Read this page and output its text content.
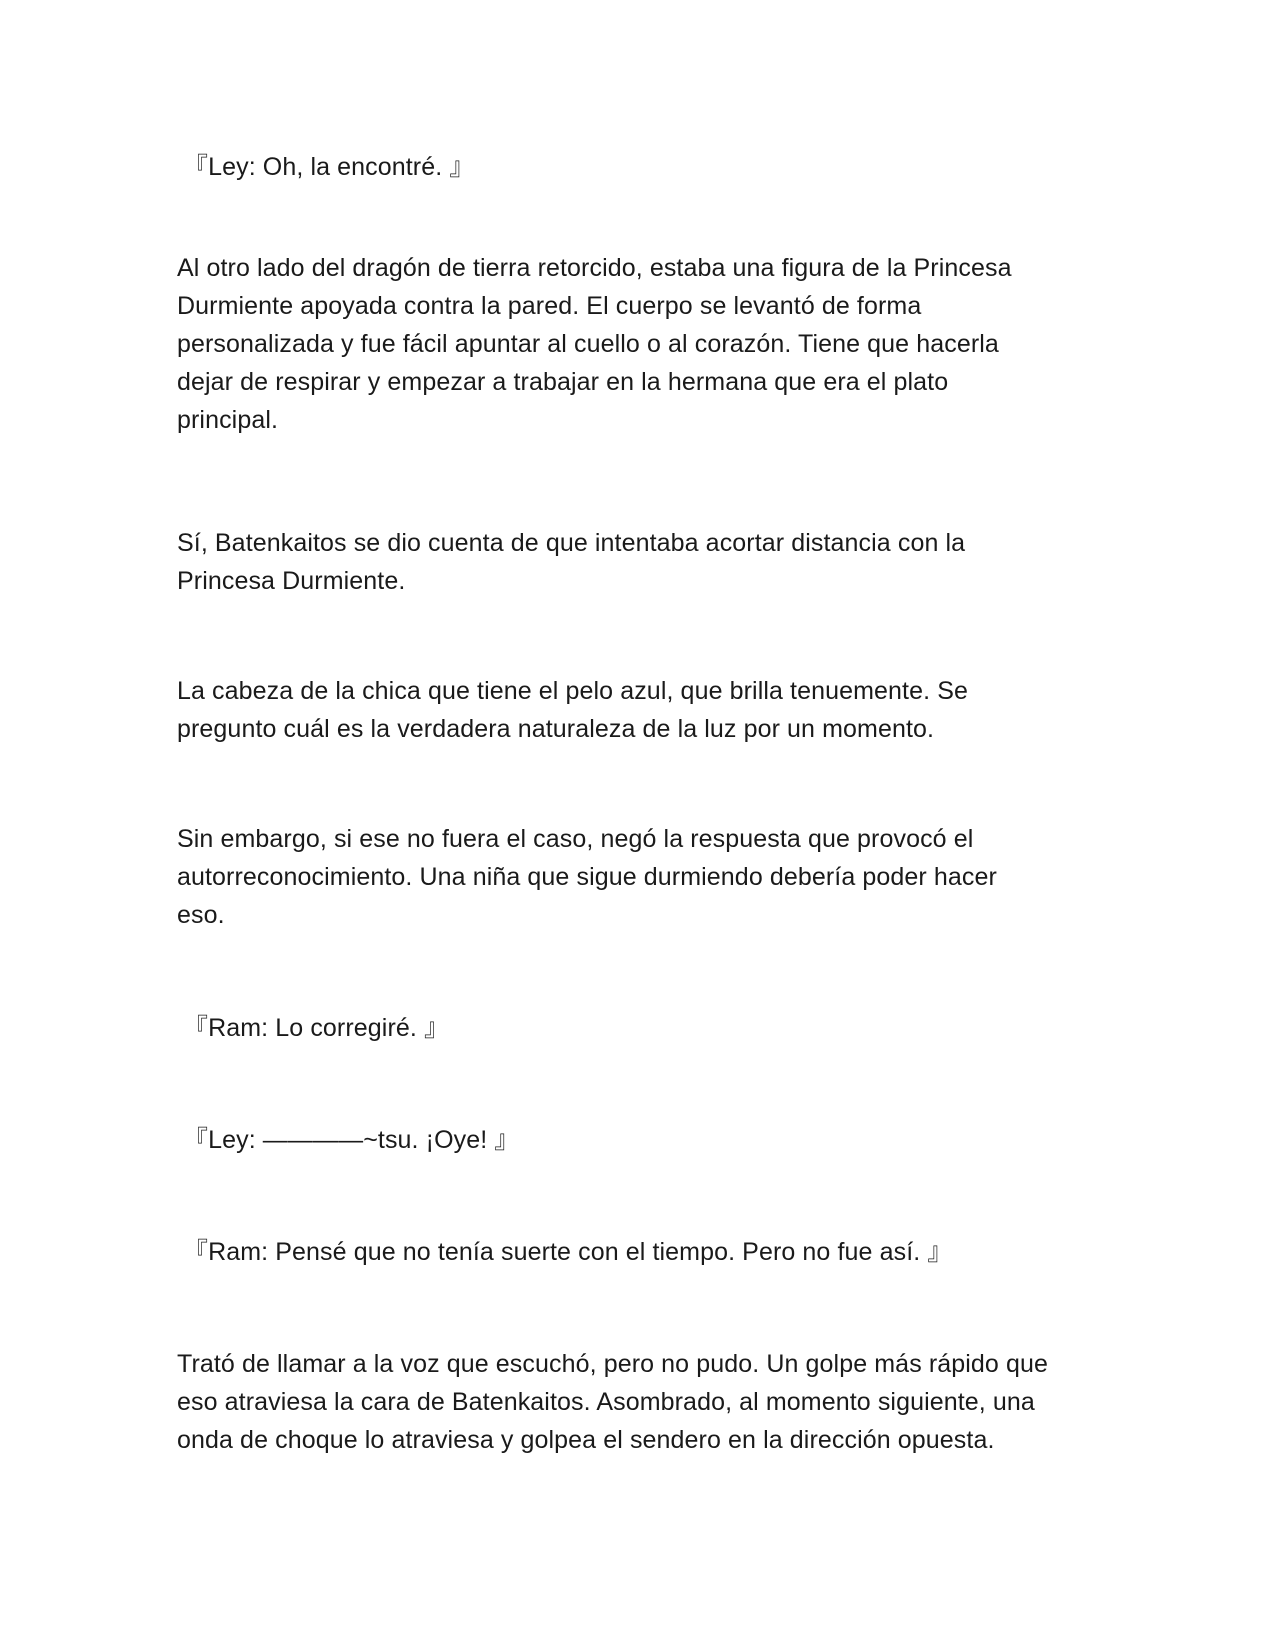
『Ley: Oh, la encontré. 』
Al otro lado del dragón de tierra retorcido, estaba una figura de la Princesa
Durmiente apoyada contra la pared. El cuerpo se levantó de forma
personalizada y fue fácil apuntar al cuello o al corazón. Tiene que hacerla
dejar de respirar y empezar a trabajar en la hermana que era el plato
principal.
Sí, Batenkaitos se dio cuenta de que intentaba acortar distancia con la
Princesa Durmiente.
La cabeza de la chica que tiene el pelo azul, que brilla tenuemente. Se
pregunto cuál es la verdadera naturaleza de la luz por un momento.
Sin embargo, si ese no fuera el caso, negó la respuesta que provocó el
autorreconocimiento. Una niña que sigue durmiendo debería poder hacer
eso.
『Ram: Lo corregiré. 』
『Ley: ————~tsu. ¡Oye! 』
『Ram: Pensé que no tenía suerte con el tiempo. Pero no fue así. 』
Trató de llamar a la voz que escuchó, pero no pudo. Un golpe más rápido que
eso atraviesa la cara de Batenkaitos. Asombrado, al momento siguiente, una
onda de choque lo atraviesa y golpea el sendero en la dirección opuesta.
